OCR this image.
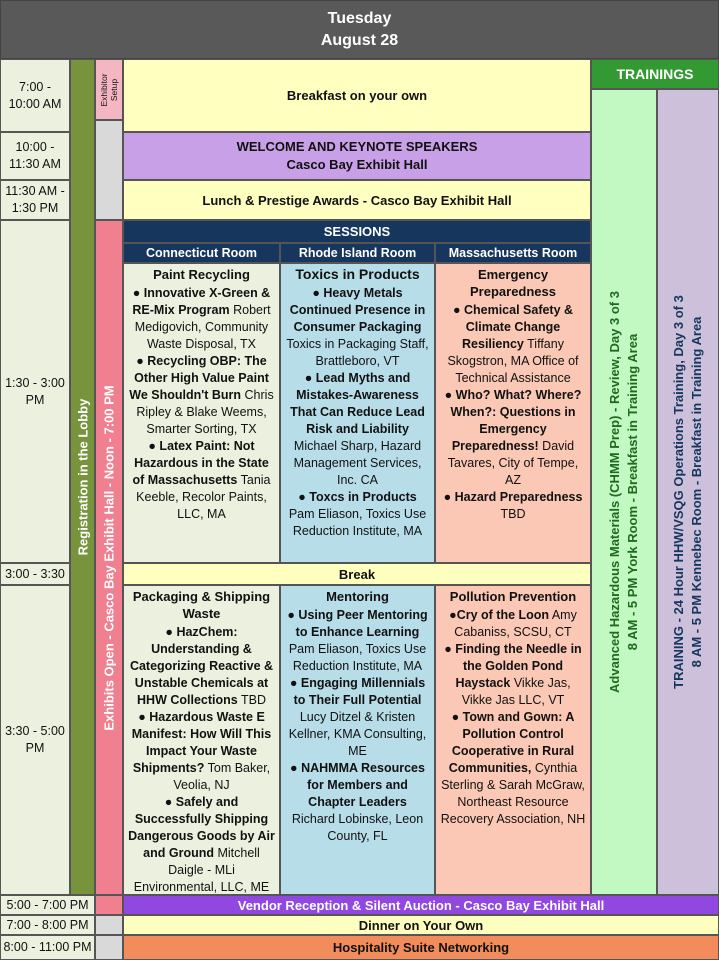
Tuesday
August 28
7:00 - 10:00 AM
10:00 - 11:30 AM
11:30 AM - 1:30 PM
1:30 - 3:00 PM
3:00 - 3:30
3:30 - 5:00 PM
5:00 - 7:00 PM
7:00 - 8:00 PM
8:00 - 11:00 PM
Registration in the Lobby
Exhibitor Setup
Exhibits Open - Casco Bay Exhibit Hall - Noon - 7:00 PM
Breakfast on your own
WELCOME AND KEYNOTE SPEAKERS
Casco Bay Exhibit Hall
Lunch & Prestige Awards - Casco Bay Exhibit Hall
SESSIONS
Connecticut Room	Rhode Island Room	Massachusetts Room
Paint Recycling

● Innovative X-Green & RE-Mix Program Robert Medigovich, Community Waste Disposal, TX

● Recycling OBP: The Other High Value Paint We Shouldn't Burn Chris Ripley & Blake Weems, Smarter Sorting, TX

● Latex Paint: Not Hazardous in the State of Massachusetts Tania Keeble, Recolor Paints, LLC, MA

Toxics in Products

● Heavy Metals Continued Presence in Consumer Packaging Toxics in Packaging Staff, Brattleboro, VT

● Lead Myths and Mistakes-Awareness That Can Reduce Lead Risk and Liability Michael Sharp, Hazard Management Services, Inc. CA

● Toxcs in Products Pam Eliason, Toxics Use Reduction Institute, MA

Emergency Preparedness

● Chemical Safety & Climate Change Resiliency Tiffany Skogstron, MA Office of Technical Assistance

● Who? What? Where? When?: Questions in Emergency Preparedness! David Tavares, City of Tempe, AZ

● Hazard Preparedness TBD

Break
Packaging & Shipping Waste

● HazChem: Understanding & Categorizing Reactive & Unstable Chemicals at HHW Collections TBD

● Hazardous Waste E Manifest: How Will This Impact Your Waste Shipments? Tom Baker, Veolia, NJ

● Safely and Successfully Shipping Dangerous Goods by Air and Ground Mitchell Daigle - MLi Environmental, LLC, ME

Mentoring

● Using Peer Mentoring to Enhance Learning Pam Eliason, Toxics Use Reduction Institute, MA

● Engaging Millennials to Their Full Potential Lucy Ditzel & Kristen Kellner, KMA Consulting, ME

● NAHMMA Resources for Members and Chapter Leaders Richard Lobinske, Leon County, FL

Pollution Prevention

●Cry of the Loon Amy Cabaniss, SCSU, CT

● Finding the Needle in the Golden Pond Haystack Vikke Jas, Vikke Jas LLC, VT

● Town and Gown: A Pollution Control Cooperative in Rural Communities, Cynthia Sterling & Sarah McGraw, Northeast Resource Recovery Association, NH

TRAININGS
Advanced Hazardous Materials (CHMM Prep) - Review, Day 3 of 3 8 AM - 5 PM York Room - Breakfast in Training Area TRAINING - 24 Hour HHW/VSQG Operations Training, Day 3 of 3 8 AM - 5 PM Kennebec Room - Breakfast in Training Area
Vendor Reception & Silent Auction - Casco Bay Exhibit Hall
Dinner on Your Own
Hospitality Suite Networking
